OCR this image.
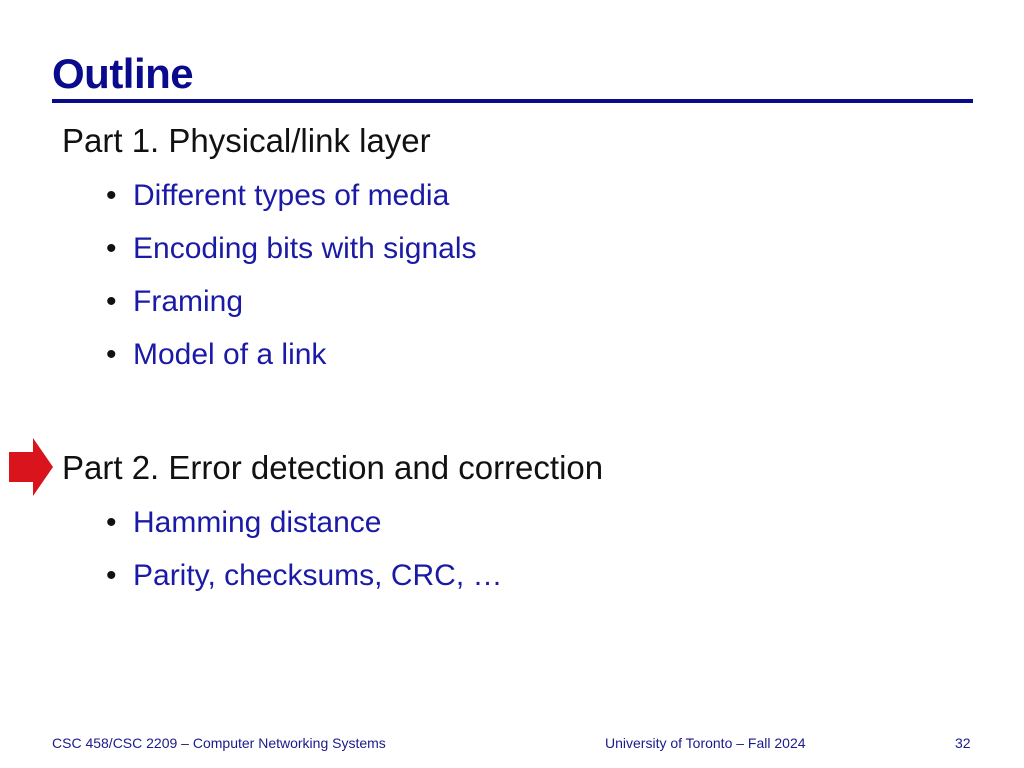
Outline
Part 1. Physical/link layer
• Different types of media
• Encoding bits with signals
• Framing
• Model of a link
Part 2. Error detection and correction
• Hamming distance
• Parity, checksums, CRC, …
CSC 458/CSC 2209 – Computer Networking Systems	University of Toronto – Fall 2024	32
